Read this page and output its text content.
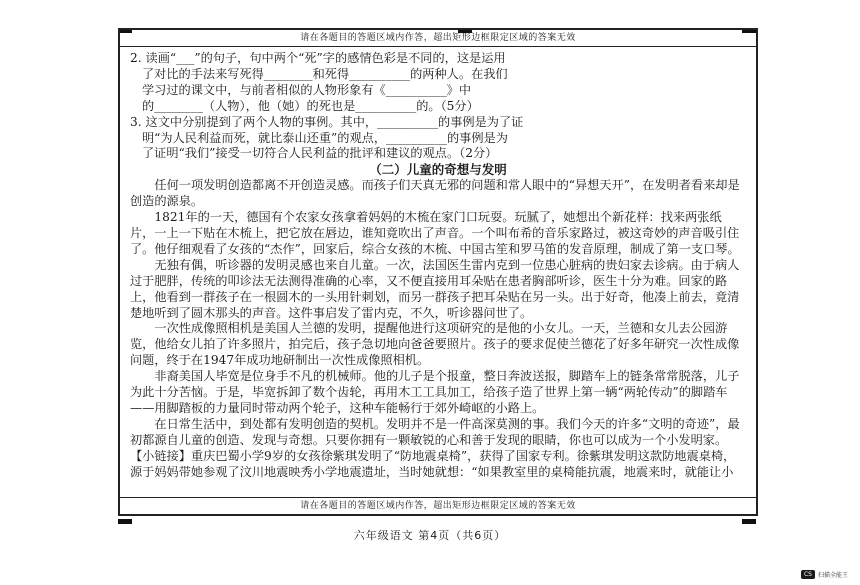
请在各题目的答题区域内作答，超出矩形边框限定区域的答案无效

2. 读画“___”的句子，句中两个“死”字的感情色彩是不同的，这是运用

了对比的手法来写死得________和死得__________的两种人。在我们

学习过的课文中，与前者相似的人物形象有《__________》中

的________（人物），他（她）的死也是__________的。（5分）

3. 这文中分别提到了两个人物的事例。其中，__________的事例是为了证

明“为人民利益而死，就比泰山还重”的观点，__________的事例是为

了证明“我们”接受一切符合人民利益的批评和建议的观点。（2分）

（二）儿童的奇想与发明

任何一项发明创造都离不开创造灵感。而孩子们天真无邪的问题和常人眼中的“异想天开”，在发明者看来却是创造的源泉。

1821年的一天，德国有个农家女孩拿着妈妈的木梳在家门口玩耍。玩腻了，她想出个新花样：找来两张纸片，一上一下贴在木梳上，把它放在唇边，谁知竟吹出了声音。一个叫布希的音乐家路过，被这奇妙的声音吸引住了。他仔细观看了女孩的“杰作”，回家后，综合女孩的木梳、中国古笙和罗马笛的发音原理，制成了第一支口琴。

无独有偶，听诊器的发明灵感也来自儿童。一次，法国医生雷内克到一位患心脏病的贵妇家去诊病。由于病人过于肥胖，传统的叩诊法无法测得准确的心率，又不便直接用耳朵贴在患者胸部听诊，医生十分为难。回家的路上，他看到一群孩子在一根圆木的一头用针刺划，而另一群孩子把耳朵贴在另一头。出于好奇，他凑上前去，竟清楚地听到了圆木那头的声音。这件事启发了雷内克，不久，听诊器问世了。

一次性成像照相机是美国人兰德的发明，提醒他进行这项研究的是他的小女儿。一天，兰德和女儿去公园游览，他给女儿拍了许多照片，拍完后，孩子急切地向爸爸要照片。孩子的要求促使兰德花了好多年研究一次性成像问题，终于在1947年成功地研制出一次性成像照相机。

非裔美国人毕宽是位身手不凡的机械师。他的儿子是个报童，整日奔波送报，脚踏车上的链条常常脱落，儿子为此十分苦恼。于是，毕宽拆卸了数个齿轮，再用木工工具加工，给孩子造了世界上第一辆“两轮传动”的脚踏车——用脚踏板的力量同时带动两个轮子，这种车能畅行于郊外崎岖的小路上。

在日常生活中，到处都有发明创造的契机。发明并不是一件高深莫测的事。我们今天的许多“文明的奇迹”，最初都源自儿童的创造、发现与奇想。只要你拥有一颗敏锐的心和善于发现的眼睛，你也可以成为一个小发明家。

【小链接】重庆巴蜀小学9岁的女孩徐紫琪发明了“防地震桌椅”，获得了国家专利。徐紫琪发明这款防地震桌椅，源于妈妈带她参观了汶川地震映秀小学地震遗址，当时她就想：“如果教室里的桌椅能抗震，地震来时，就能让小

请在各题目的答题区域内作答，超出矩形边框限定区域的答案无效
六年级语文 第4页（共6页）
CS	扫描全能王
